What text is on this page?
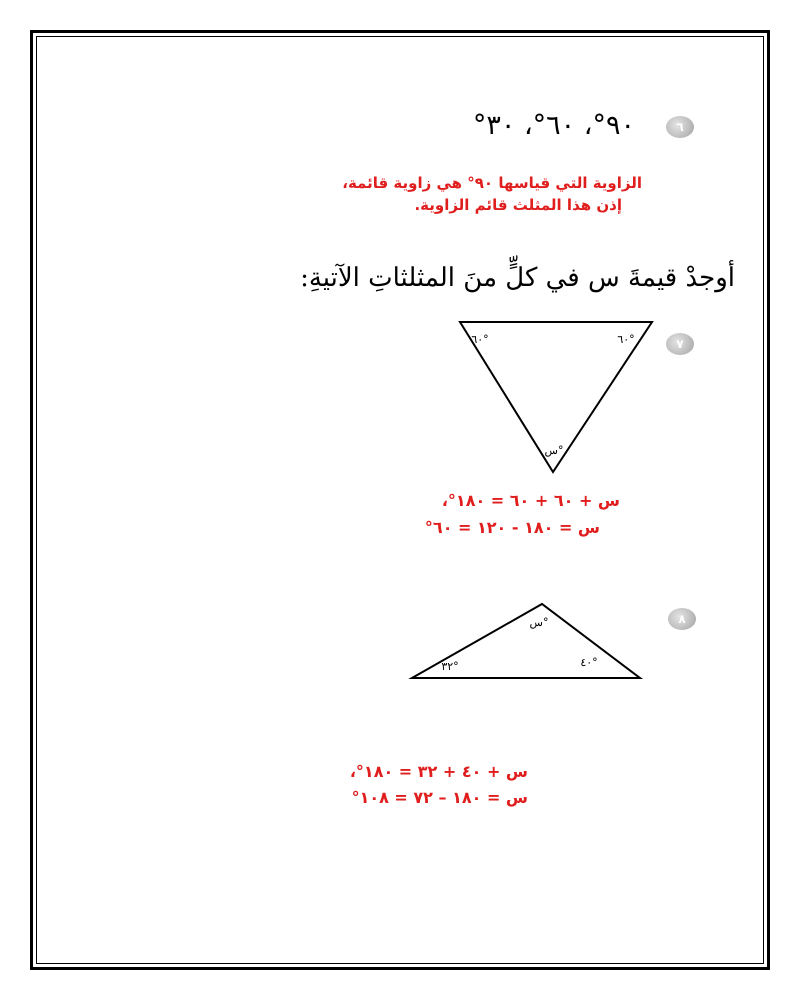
٦
٩٠°، ٦٠°، ٣٠°
الزاوية التي قياسها ٩٠° هي زاوية قائمة،
إذن هذا المثلث قائم الزاوية.
أوجدْ قيمةَ س في كلٍّ منَ المثلثاتِ الآتيةِ:
٧
٦٠°	٦٠°
س°
س + ٦٠ + ٦٠ = ١٨٠°،
س = ١٨٠ - ١٢٠ = ٦٠°
٨
س°
٣٢°	٤٠°
س + ٤٠ + ٣٢ = ١٨٠°،
س = ١٨٠ – ٧٢ = ١٠٨°
